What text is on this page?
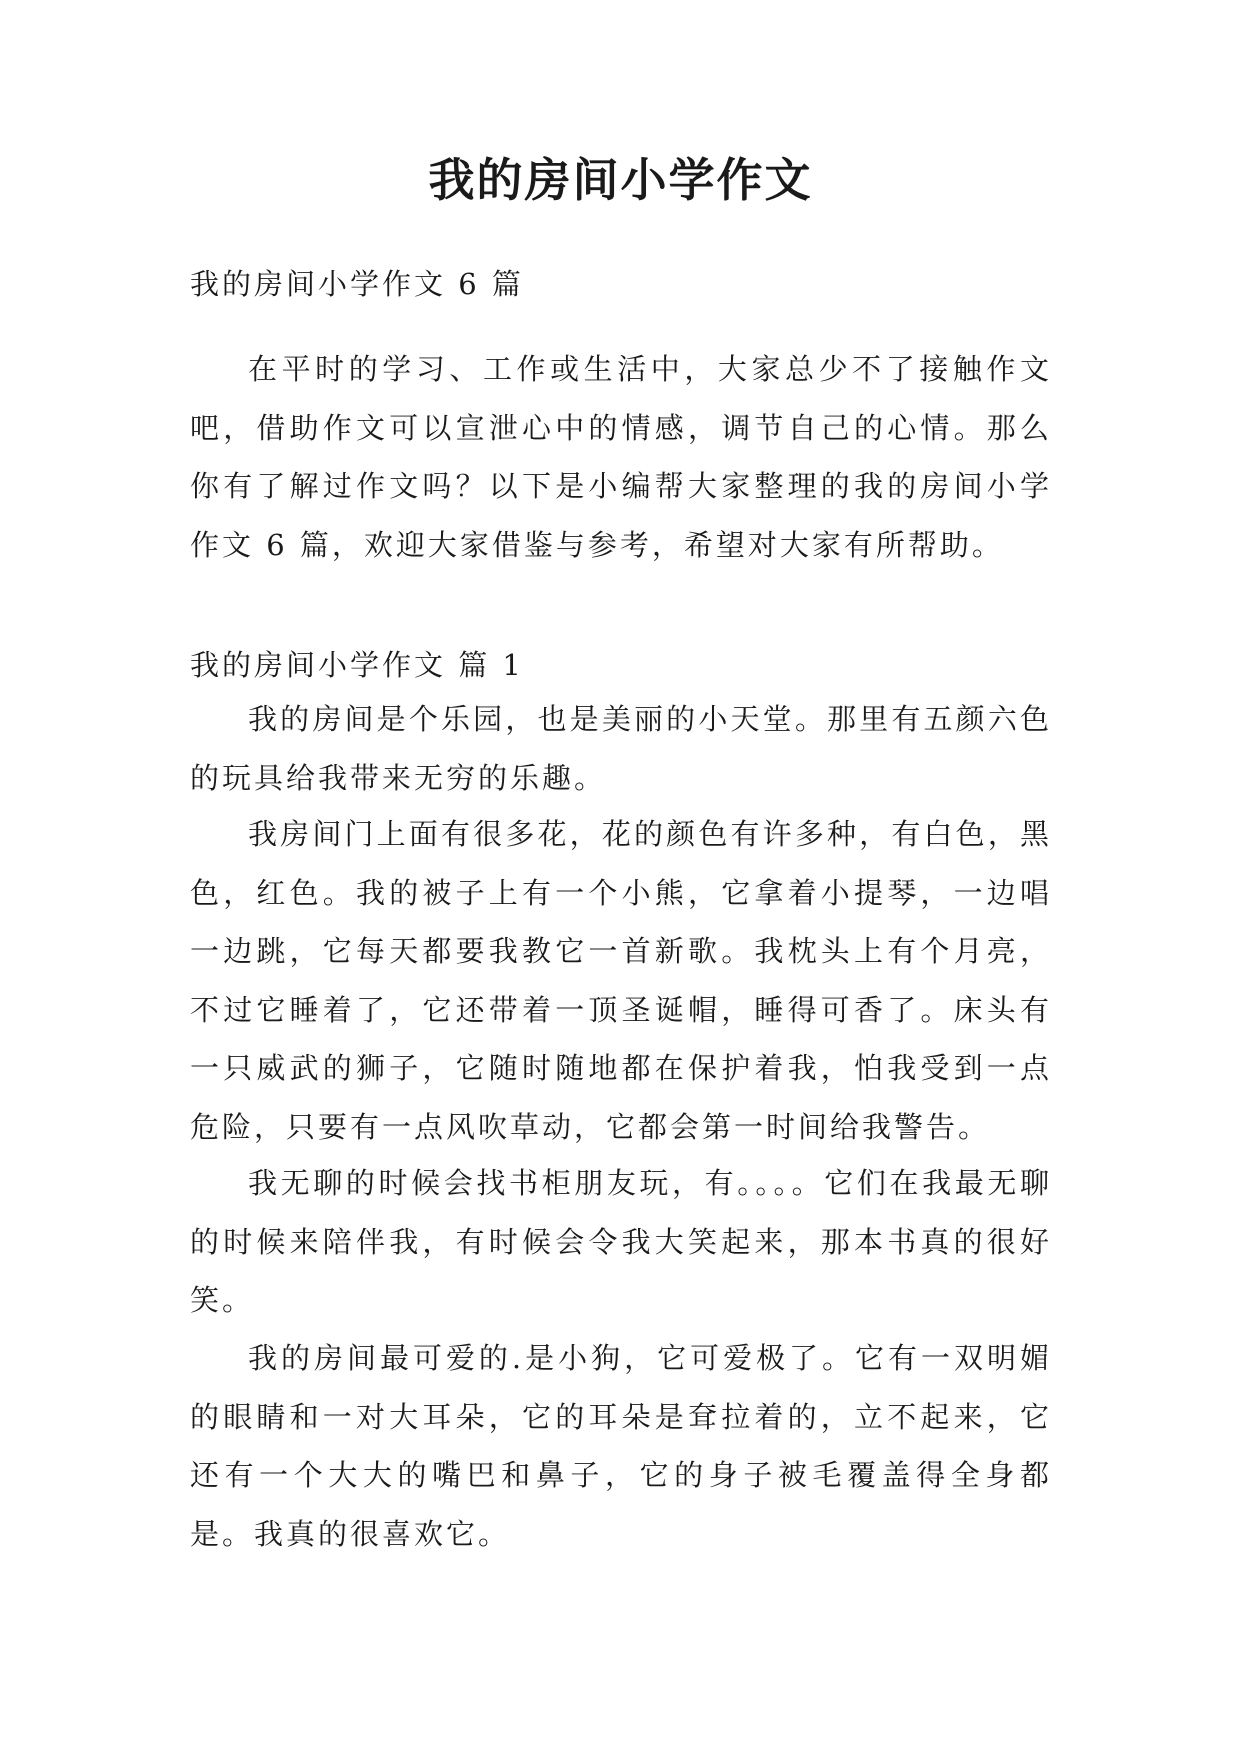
我的房间小学作文

我的房间小学作文 6 篇

在平时的学习、工作或生活中，大家总少不了接触作文吧，借助作文可以宣泄心中的情感，调节自己的心情。那么你有了解过作文吗？以下是小编帮大家整理的我的房间小学作文 6 篇，欢迎大家借鉴与参考，希望对大家有所帮助。

我的房间小学作文 篇 1

我的房间是个乐园，也是美丽的小天堂。那里有五颜六色的玩具给我带来无穷的乐趣。

我房间门上面有很多花，花的颜色有许多种，有白色，黑色，红色。我的被子上有一个小熊，它拿着小提琴，一边唱一边跳，它每天都要我教它一首新歌。我枕头上有个月亮，不过它睡着了，它还带着一顶圣诞帽，睡得可香了。床头有一只威武的狮子，它随时随地都在保护着我，怕我受到一点危险，只要有一点风吹草动，它都会第一时间给我警告。

我无聊的时候会找书柜朋友玩，有。。。。它们在我最无聊的时候来陪伴我，有时候会令我大笑起来，那本书真的很好笑。

我的房间最可爱的.是小狗，它可爱极了。它有一双明媚的眼睛和一对大耳朵，它的耳朵是耷拉着的，立不起来，它还有一个大大的嘴巴和鼻子，它的身子被毛覆盖得全身都是。我真的很喜欢它。
